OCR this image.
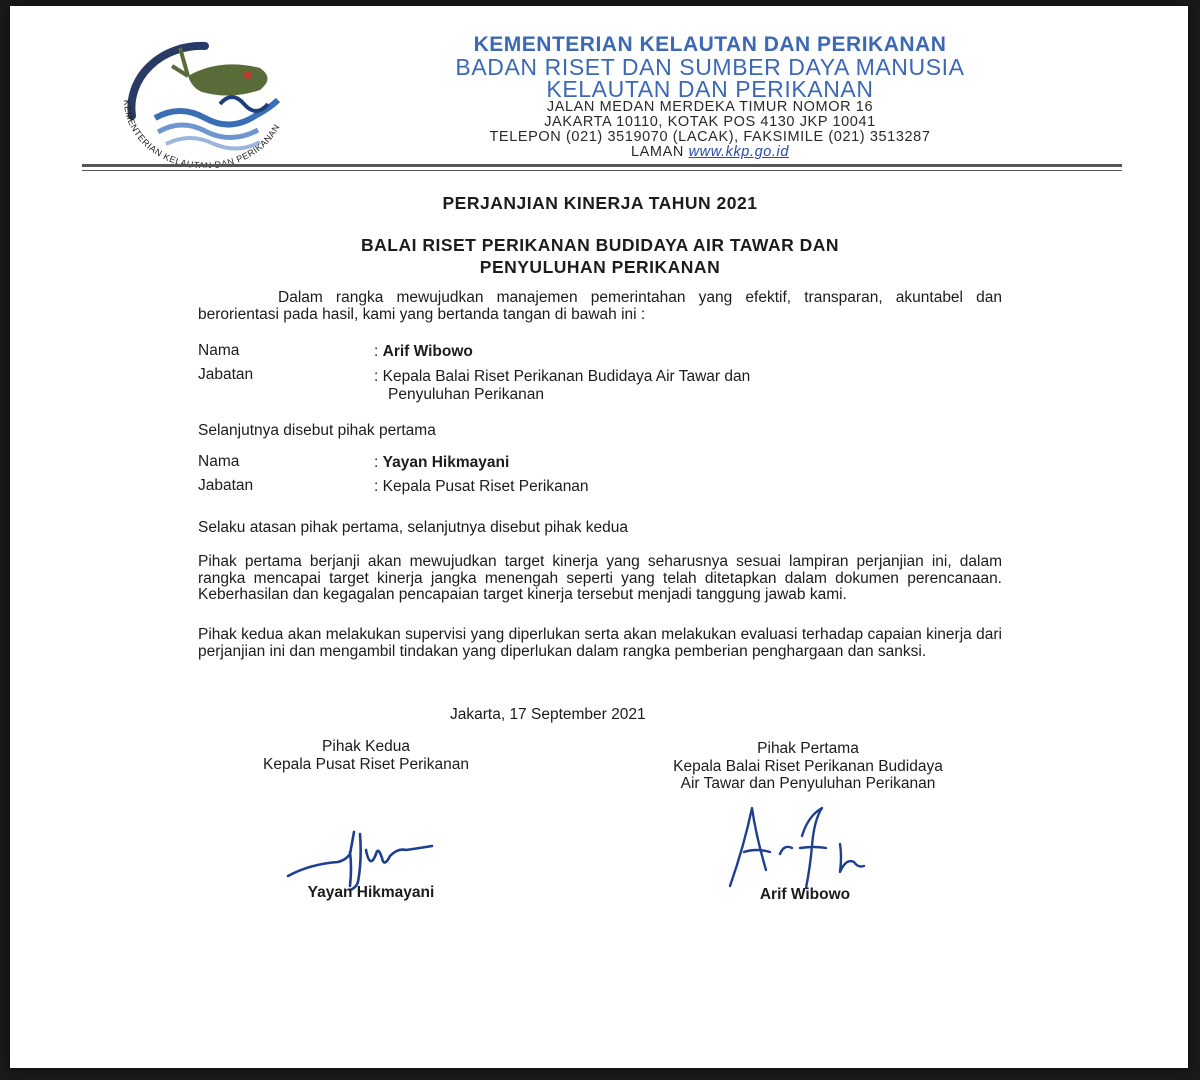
KEMENTERIAN KELAUTAN DAN PERIKANAN
KEMENTERIAN KELAUTAN DAN PERIKANAN
BADAN RISET DAN SUMBER DAYA MANUSIA
KELAUTAN DAN PERIKANAN
JALAN MEDAN MERDEKA TIMUR NOMOR 16
JAKARTA 10110, KOTAK POS 4130 JKP 10041
TELEPON (021) 3519070 (LACAK), FAKSIMILE (021) 3513287
LAMAN www.kkp.go.id
PERJANJIAN KINERJA TAHUN 2021
BALAI RISET PERIKANAN BUDIDAYA AIR TAWAR DAN
PENYULUHAN PERIKANAN
Dalam rangka mewujudkan manajemen pemerintahan yang efektif, transparan, akuntabel dan berorientasi pada hasil, kami yang bertanda tangan di bawah ini :
Nama	: Arif Wibowo
Jabatan	: Kepala Balai Riset Perikanan Budidaya Air Tawar dan
Penyuluhan Perikanan
Selanjutnya disebut pihak pertama
Nama	: Yayan Hikmayani
Jabatan	: Kepala Pusat Riset Perikanan
Selaku atasan pihak pertama, selanjutnya disebut pihak kedua
Pihak pertama berjanji akan mewujudkan target kinerja yang seharusnya sesuai lampiran perjanjian ini, dalam rangka mencapai target kinerja jangka menengah seperti yang telah ditetapkan dalam dokumen perencanaan. Keberhasilan dan kegagalan pencapaian target kinerja tersebut menjadi tanggung jawab kami.
Pihak kedua akan melakukan supervisi yang diperlukan serta akan melakukan evaluasi terhadap capaian kinerja dari perjanjian ini dan mengambil tindakan yang diperlukan dalam rangka pemberian penghargaan dan sanksi.
Jakarta, 17 September 2021
Pihak Kedua
Kepala Pusat Riset Perikanan
Yayan Hikmayani
Pihak Pertama
Kepala Balai Riset Perikanan Budidaya
Air Tawar dan Penyuluhan Perikanan
Arif Wibowo
